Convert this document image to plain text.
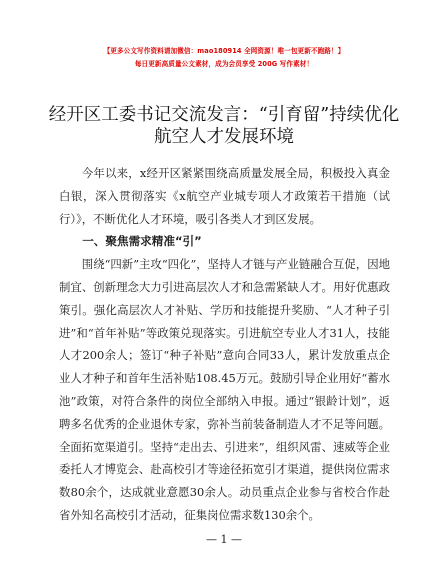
【更多公文写作资料请加微信：mao180914 全网资源！唯一包更新不跑路！】
每日更新高质量公文素材，成为会员享受 200G 写作素材！
经开区工委书记交流发言：“引育留”持续优化
航空人才发展环境

今年以来，x经开区紧紧围绕高质量发展全局，积极投入真金白银，深入贯彻落实《x航空产业城专项人才政策若干措施（试行）》，不断优化人才环境，吸引各类人才到区发展。

一、聚焦需求精准“引”

围绕“四新”主攻“四化”，坚持人才链与产业链融合互促，因地制宜、创新理念大力引进高层次人才和急需紧缺人才。用好优惠政策引。强化高层次人才补贴、学历和技能提升奖励、“人才种子引进”和“首年补贴”等政策兑现落实。引进航空专业人才31人，技能人才200余人；签订“种子补贴”意向合同33人，累计发放重点企业人才种子和首年生活补贴108.45万元。鼓励引导企业用好“蓄水池”政策，对符合条件的岗位全部纳入申报。通过“银龄计划”，返聘多名优秀的企业退休专家，弥补当前装备制造人才不足等问题。全面拓宽渠道引。坚持“走出去、引进来”，组织风雷、速威等企业委托人才博览会、赴高校引才等途径拓宽引才渠道，提供岗位需求数80余个，达成就业意愿30余人。动员重点企业参与省校合作赴省外知名高校引才活动，征集岗位需求数130余个。

— 1 —
